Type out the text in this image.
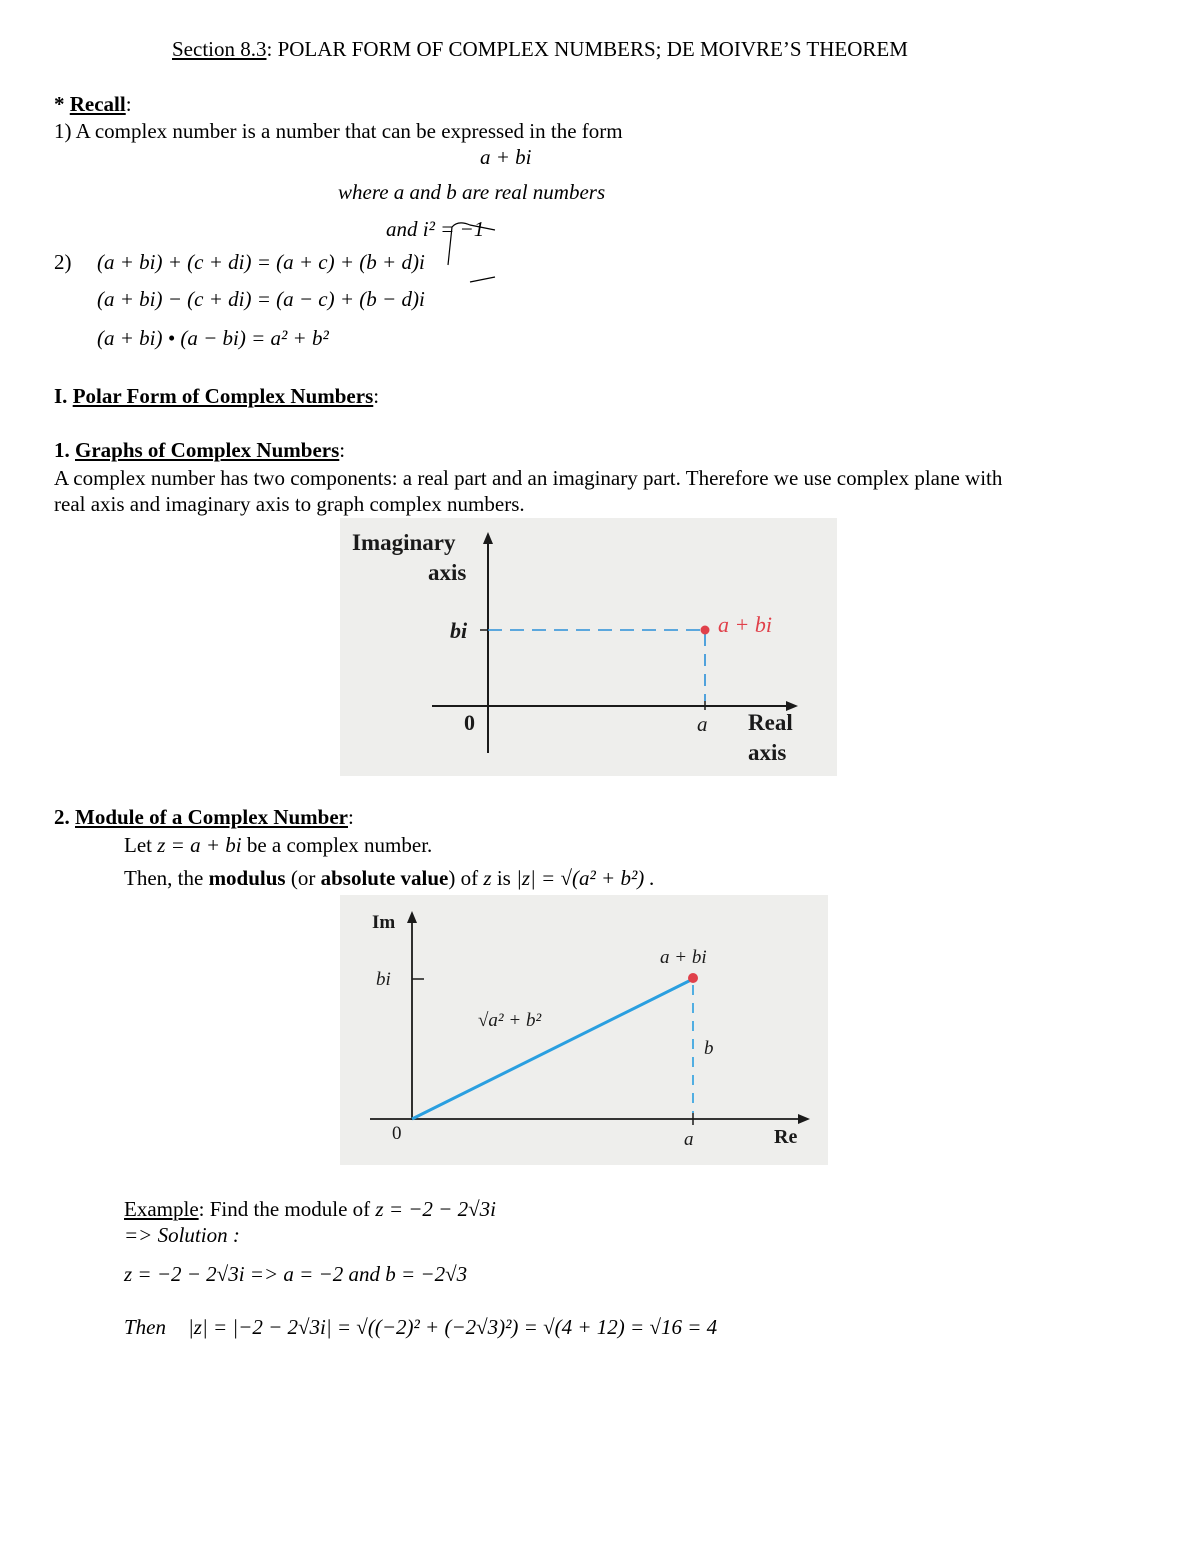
Section 8.3: POLAR FORM OF COMPLEX NUMBERS; DE MOIVRE’S THEOREM
* Recall:
1) A complex number is a number that can be expressed in the form
a + bi
where a and b are real numbers
and i² = −1
2) (a + bi) + (c + di) = (a + c) + (b + d)i
(a + bi) − (c + di) = (a − c) + (b − d)i
(a + bi) • (a − bi) = a² + b²
I. Polar Form of Complex Numbers:
1. Graphs of Complex Numbers:
A complex number has two components: a real part and an imaginary part. Therefore we use complex plane with
real axis and imaginary axis to graph complex numbers.
Imaginary
axis
bi	a + bi
0	a Real
axis
2. Module of a Complex Number:
Let z = a + bi be a complex number.
Then, the modulus (or absolute value) of z is |z| = √(a² + b²) .
Im
bi
a + bi
√a² + b²
b
0	a	Re
Example: Find the module of z = −2 − 2√3i
=> Solution :
z = −2 − 2√3i => a = −2 and b = −2√3
Then |z| = |−2 − 2√3i| = √((−2)² + (−2√3)²) = √(4 + 12) = √16 = 4
